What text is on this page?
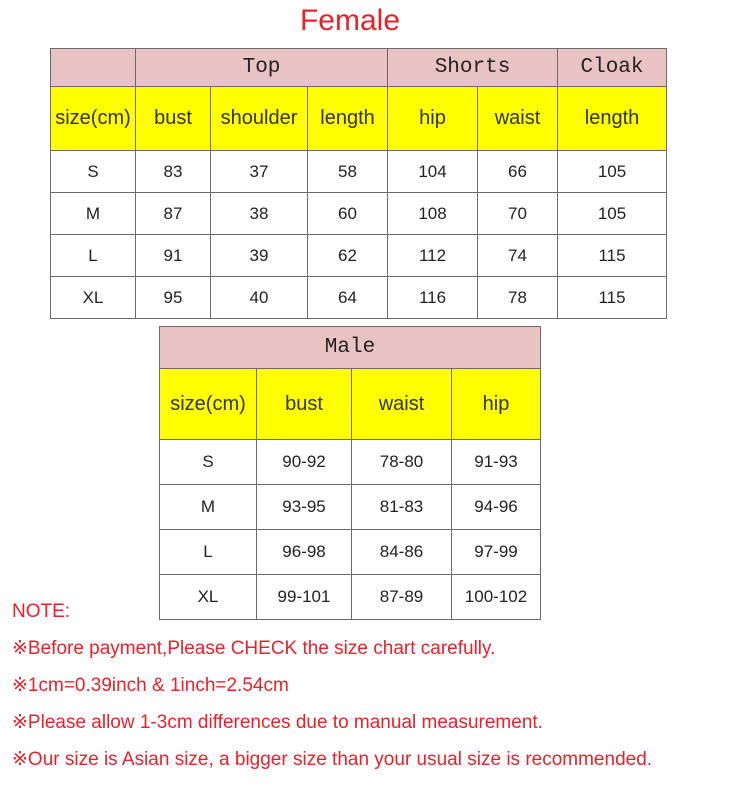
Female
	Top			Shorts		Cloak
size(cm)	bust	shoulder	length	hip	waist	length
S	83	37	58	104	66	105
M	87	38	60	108	70	105
L	91	39	62	112	74	115
XL	95	40	64	116	78	115
Male			
size(cm)	bust	waist	hip
S	90-92	78-80	91-93
M	93-95	81-83	94-96
L	96-98	84-86	97-99
XL	99-101	87-89	100-102
NOTE:
※Before payment,Please CHECK the size chart carefully.
※1cm=0.39inch & 1inch=2.54cm
※Please allow 1-3cm differences due to manual measurement.
※Our size is Asian size, a bigger size than your usual size is recommended.
